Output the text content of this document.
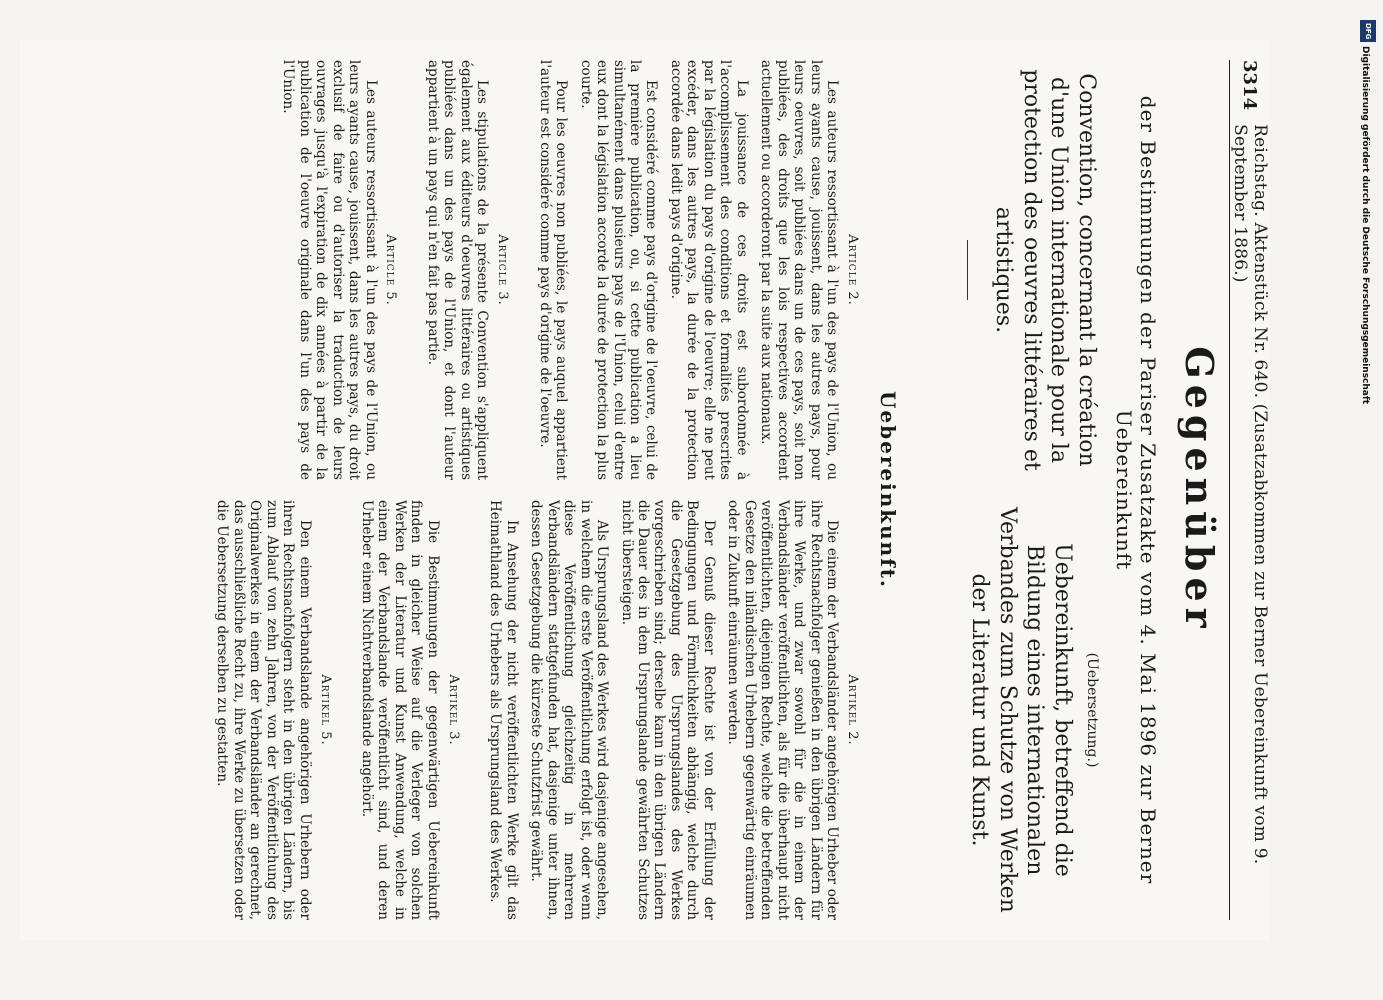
3314
Reichstag. Aktenstück Nr. 640. (Zusatzabkommen zur Berner Uebereinkunft vom 9. September 1886.)
Gegenüber
der Bestimmungen der Pariser Zusatzakte vom 4. Mai 1896 zur Berner Uebereinkunft
Convention, concernant la création d'une Union internationale pour la protection des oeuvres littéraires et artistiques.
(Uebersetzung.)
Uebereinkunft, betreffend die Bildung eines internationalen Verbandes zum Schutze von Werken der Literatur und Kunst.
Uebereinkunft.
Article 2.

Les auteurs ressortissant à l'un des pays de l'Union, ou leurs ayants cause, jouissent, dans les autres pays, pour leurs oeuvres, soit publiées dans un de ces pays, soit non publiées, des droits que les lois respectives accordent actuellement ou accorderont par la suite aux nationaux.

La jouissance de ces droits est subordonnée à l'accomplissement des conditions et formalités prescrites par la législation du pays d'origine de l'oeuvre; elle ne peut excéder, dans les autres pays, la durée de la protection accordée dans ledit pays d'origine.

Est considéré comme pays d'origine de l'oeuvre, celui de la première publication, ou, si cette publication a lieu simultanément dans plusieurs pays de l'Union, celui d'entre eux dont la législation accorde la durée de protection la plus courte.

Pour les oeuvres non publiées, le pays auquel appartient l'auteur est considéré comme pays d'origine de l'oeuvre.

Article 3.

Les stipulations de la présente Convention s'appliquent également aux éditeurs d'oeuvres littéraires ou artistiques publiées dans un des pays de l'Union, et dont l'auteur appartient à un pays qui n'en fait pas partie.

Article 5.

Les auteurs ressortissant à l'un des pays de l'Union, ou leurs ayants cause, jouissent, dans les autres pays, du droit exclusif de faire ou d'autoriser la traduction de leurs ouvrages jusqu'à l'expiration de dix années à partir de la publication de l'oeuvre originale dans l'un des pays de l'Union.

Artikel 2.

Die einem der Verbandsländer angehörigen Urheber oder ihre Rechtsnachfolger genießen in den übrigen Ländern für ihre Werke, und zwar sowohl für die in einem der Verbandsländer veröffentlichten, als für die überhaupt nicht veröffentlichten, diejenigen Rechte, welche die betreffenden Gesetze den inländischen Urhebern gegenwärtig einräumen oder in Zukunft einräumen werden.

Der Genuß dieser Rechte ist von der Erfüllung der Bedingungen und Förmlichkeiten abhängig, welche durch die Gesetzgebung des Ursprungslandes des Werkes vorgeschrieben sind; derselbe kann in den übrigen Ländern die Dauer des in dem Ursprungslande gewährten Schutzes nicht übersteigen.

Als Ursprungsland des Werkes wird dasjenige angesehen, in welchem die erste Veröffentlichung erfolgt ist, oder wenn diese Veröffentlichung gleichzeitig in mehreren Verbandsländern stattgefunden hat, dasjenige unter ihnen, dessen Gesetzgebung die kürzeste Schutzfrist gewährt.

In Ansehung der nicht veröffentlichten Werke gilt das Heimathland des Urhebers als Ursprungsland des Werkes.

Artikel 3.

Die Bestimmungen der gegenwärtigen Uebereinkunft finden in gleicher Weise auf die Verleger von solchen Werken der Literatur und Kunst Anwendung, welche in einem der Verbandslande veröffentlicht sind, und deren Urheber einem Nichtverbandslande angehört.

Artikel 5.

Den einem Verbandslande angehörigen Urhebern oder ihren Rechtsnachfolgern steht in den übrigen Ländern, bis zum Ablauf von zehn Jahren, von der Veröffentlichung des Originalwerkes in einem der Verbandsländer an gerechnet, das ausschließliche Recht zu, ihre Werke zu übersetzen oder die Uebersetzung derselben zu gestatten.

DFG
Digitalisierung gefördert durch die Deutsche Forschungsgemeinschaft
